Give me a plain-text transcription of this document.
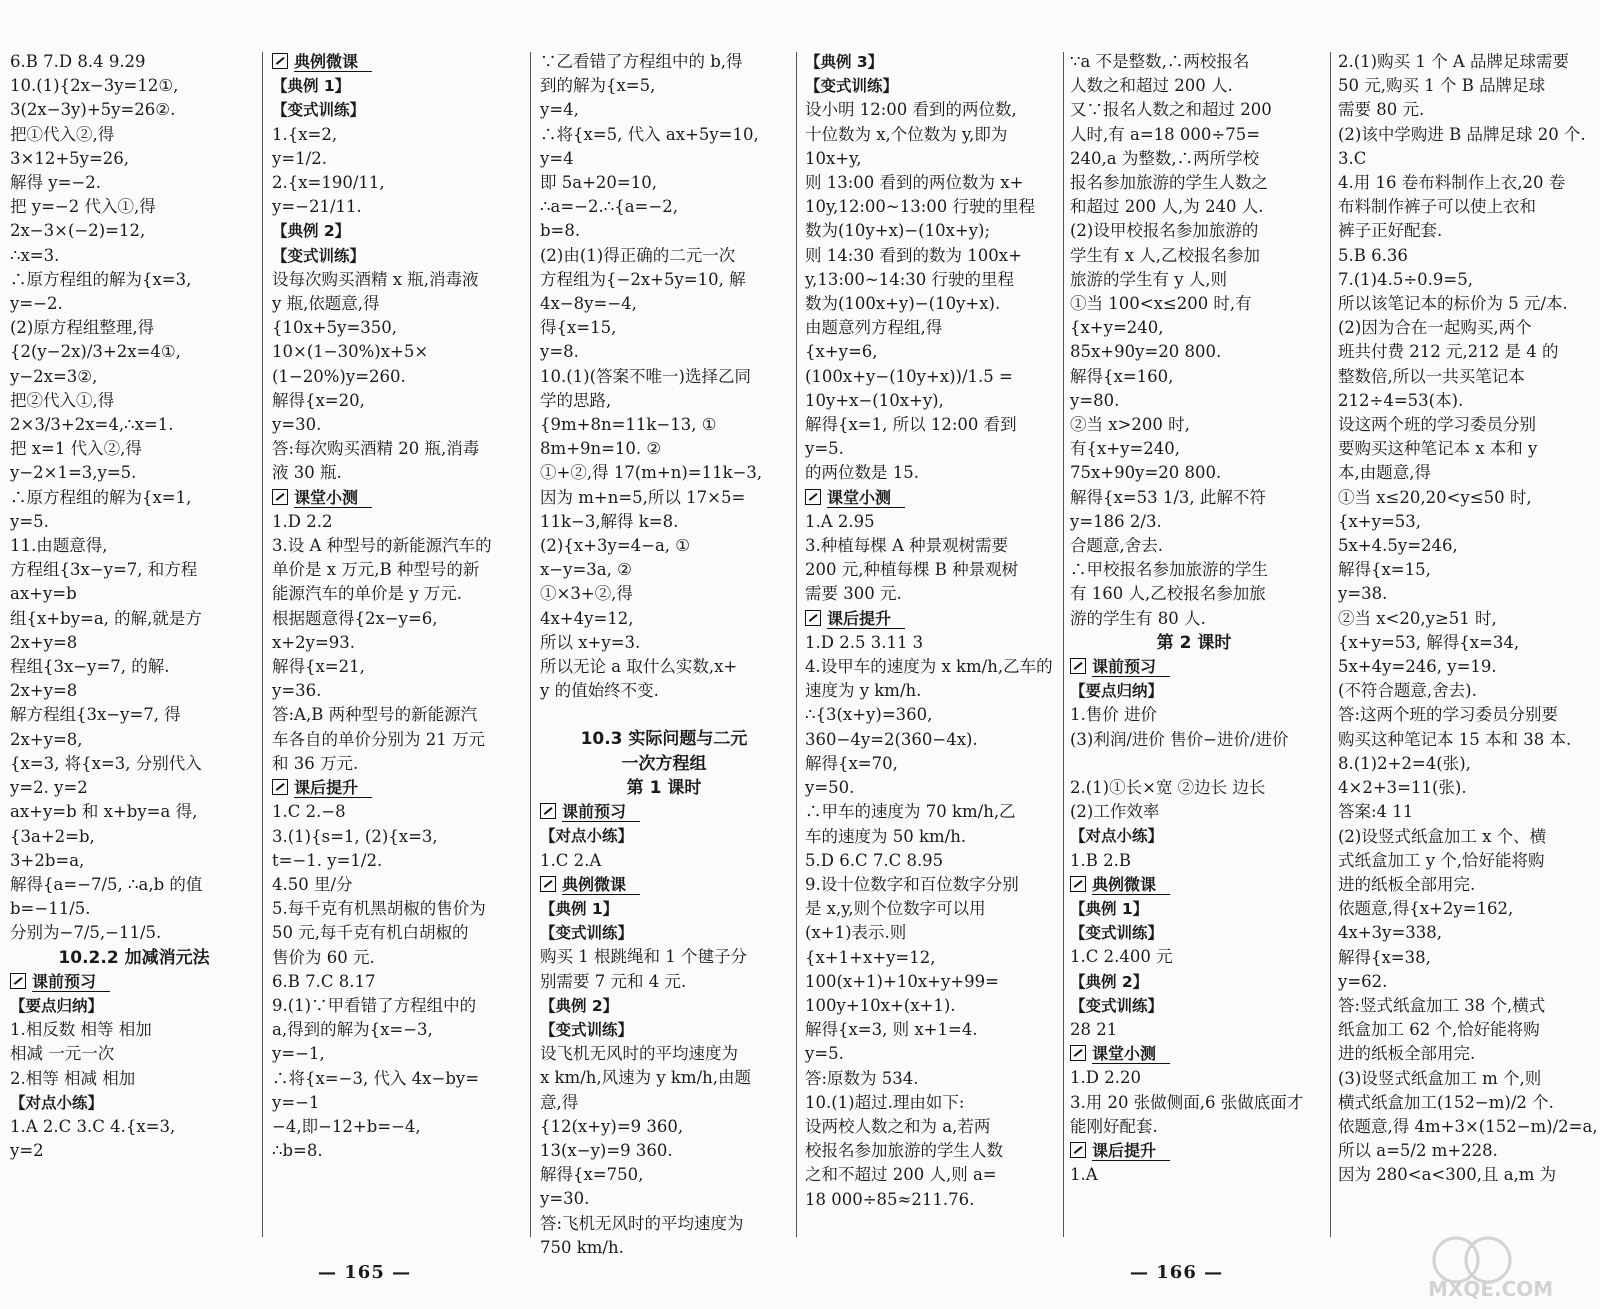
6.B 7.D 8.4 9.29
10.(1){2x−3y=12①,
3(2x−3y)+5y=26②.
把①代入②,得
3×12+5y=26,
解得 y=−2.
把 y=−2 代入①,得
2x−3×(−2)=12,
∴x=3.
∴原方程组的解为{x=3,
y=−2.
(2)原方程组整理,得
{2(y−2x)/3+2x=4①,
y−2x=3②,
把②代入①,得
2×3/3+2x=4,∴x=1.
把 x=1 代入②,得
y−2×1=3,y=5.
∴原方程组的解为{x=1,
y=5.
11.由题意得,
方程组{3x−y=7, 和方程
ax+y=b
组{x+by=a, 的解,就是方
2x+y=8
程组{3x−y=7, 的解.
2x+y=8
解方程组{3x−y=7, 得
2x+y=8,
{x=3, 将{x=3, 分别代入
y=2. y=2
ax+y=b 和 x+by=a 得,
{3a+2=b,
3+2b=a,
解得{a=−7/5, ∴a,b 的值
b=−11/5.
分别为−7/5,−11/5.
10.2.2 加减消元法
课前预习
【要点归纳】
1.相反数 相等 相加
相减 一元一次
2.相等 相减 相加
【对点小练】
1.A 2.C 3.C 4.{x=3,
y=2
典例微课
【典例 1】
【变式训练】
1.{x=2,
y=1/2.
2.{x=190/11,
y=−21/11.
【典例 2】
【变式训练】
设每次购买酒精 x 瓶,消毒液
y 瓶,依题意,得
{10x+5y=350,
10×(1−30%)x+5×
(1−20%)y=260.
解得{x=20,
y=30.
答:每次购买酒精 20 瓶,消毒
液 30 瓶.
课堂小测
1.D 2.2
3.设 A 种型号的新能源汽车的
单价是 x 万元,B 种型号的新
能源汽车的单价是 y 万元.
根据题意得{2x−y=6,
x+2y=93.
解得{x=21,
y=36.
答:A,B 两种型号的新能源汽
车各自的单价分别为 21 万元
和 36 万元.
课后提升
1.C 2.−8
3.(1){s=1, (2){x=3,
t=−1. y=1/2.
4.50 里/分
5.每千克有机黑胡椒的售价为
50 元,每千克有机白胡椒的
售价为 60 元.
6.B 7.C 8.17
9.(1)∵甲看错了方程组中的
a,得到的解为{x=−3,
y=−1,
∴将{x=−3, 代入 4x−by=
y=−1
−4,即−12+b=−4,
∴b=8.
∵乙看错了方程组中的 b,得
到的解为{x=5,
y=4,
∴将{x=5, 代入 ax+5y=10,
y=4
即 5a+20=10,
∴a=−2.∴{a=−2,
b=8.
(2)由(1)得正确的二元一次
方程组为{−2x+5y=10, 解
4x−8y=−4,
得{x=15,
y=8.
10.(1)(答案不唯一)选择乙同
学的思路,
{9m+8n=11k−13, ①
8m+9n=10. ②
①+②,得 17(m+n)=11k−3,
因为 m+n=5,所以 17×5=
11k−3,解得 k=8.
(2){x+3y=4−a, ①
x−y=3a, ②
①×3+②,得
4x+4y=12,
所以 x+y=3.
所以无论 a 取什么实数,x+
y 的值始终不变.
10.3 实际问题与二元
一次方程组
第 1 课时
课前预习
【对点小练】
1.C 2.A
典例微课
【典例 1】
【变式训练】
购买 1 根跳绳和 1 个毽子分
别需要 7 元和 4 元.
【典例 2】
【变式训练】
设飞机无风时的平均速度为
x km/h,风速为 y km/h,由题
意,得
{12(x+y)=9 360,
13(x−y)=9 360.
解得{x=750,
y=30.
答:飞机无风时的平均速度为
750 km/h.
【典例 3】
【变式训练】
设小明 12:00 看到的两位数,
十位数为 x,个位数为 y,即为
10x+y,
则 13:00 看到的两位数为 x+
10y,12:00~13:00 行驶的里程
数为(10y+x)−(10x+y);
则 14:30 看到的数为 100x+
y,13:00~14:30 行驶的里程
数为(100x+y)−(10y+x).
由题意列方程组,得
{x+y=6,
(100x+y−(10y+x))/1.5 =
10y+x−(10x+y),
解得{x=1, 所以 12:00 看到
y=5.
的两位数是 15.
课堂小测
1.A 2.95
3.种植每棵 A 种景观树需要
200 元,种植每棵 B 种景观树
需要 300 元.
课后提升
1.D 2.5 3.11 3
4.设甲车的速度为 x km/h,乙车的
速度为 y km/h.
∴{3(x+y)=360,
360−4y=2(360−4x).
解得{x=70,
y=50.
∴甲车的速度为 70 km/h,乙
车的速度为 50 km/h.
5.D 6.C 7.C 8.95
9.设十位数字和百位数字分别
是 x,y,则个位数字可以用
(x+1)表示.则
{x+1+x+y=12,
100(x+1)+10x+y+99=
100y+10x+(x+1).
解得{x=3, 则 x+1=4.
y=5.
答:原数为 534.
10.(1)超过.理由如下:
设两校人数之和为 a,若两
校报名参加旅游的学生人数
之和不超过 200 人,则 a=
18 000÷85≈211.76.
∵a 不是整数,∴两校报名
人数之和超过 200 人.
又∵报名人数之和超过 200
人时,有 a=18 000÷75=
240,a 为整数,∴两所学校
报名参加旅游的学生人数之
和超过 200 人,为 240 人.
(2)设甲校报名参加旅游的
学生有 x 人,乙校报名参加
旅游的学生有 y 人,则
①当 100<x≤200 时,有
{x+y=240,
85x+90y=20 800.
解得{x=160,
y=80.
②当 x>200 时,
有{x+y=240,
75x+90y=20 800.
解得{x=53 1/3, 此解不符
y=186 2/3.
合题意,舍去.
∴甲校报名参加旅游的学生
有 160 人,乙校报名参加旅
游的学生有 80 人.
第 2 课时
课前预习
【要点归纳】
1.售价 进价
(3)利润/进价 售价−进价/进价
2.(1)①长×宽 ②边长 边长
(2)工作效率
【对点小练】
1.B 2.B
典例微课
【典例 1】
【变式训练】
1.C 2.400 元
【典例 2】
【变式训练】
28 21
课堂小测
1.D 2.20
3.用 20 张做侧面,6 张做底面才
能刚好配套.
课后提升
1.A
2.(1)购买 1 个 A 品牌足球需要
50 元,购买 1 个 B 品牌足球
需要 80 元.
(2)该中学购进 B 品牌足球 20 个.
3.C
4.用 16 卷布料制作上衣,20 卷
布料制作裤子可以使上衣和
裤子正好配套.
5.B 6.36
7.(1)4.5÷0.9=5,
所以该笔记本的标价为 5 元/本.
(2)因为合在一起购买,两个
班共付费 212 元,212 是 4 的
整数倍,所以一共买笔记本
212÷4=53(本).
设这两个班的学习委员分别
要购买这种笔记本 x 本和 y
本,由题意,得
①当 x≤20,20<y≤50 时,
{x+y=53,
5x+4.5y=246,
解得{x=15,
y=38.
②当 x<20,y≥51 时,
{x+y=53, 解得{x=34,
5x+4y=246, y=19.
(不符合题意,舍去).
答:这两个班的学习委员分别要
购买这种笔记本 15 本和 38 本.
8.(1)2+2=4(张),
4×2+3=11(张).
答案:4 11
(2)设竖式纸盒加工 x 个、横
式纸盒加工 y 个,恰好能将购
进的纸板全部用完.
依题意,得{x+2y=162,
4x+3y=338,
解得{x=38,
y=62.
答:竖式纸盒加工 38 个,横式
纸盒加工 62 个,恰好能将购
进的纸板全部用完.
(3)设竖式纸盒加工 m 个,则
横式纸盒加工(152−m)/2 个.
依题意,得 4m+3×(152−m)/2=a,
所以 a=5/2 m+228.
因为 280<a<300,且 a,m 为
— 165 —	— 166 —
MXQE.COM
